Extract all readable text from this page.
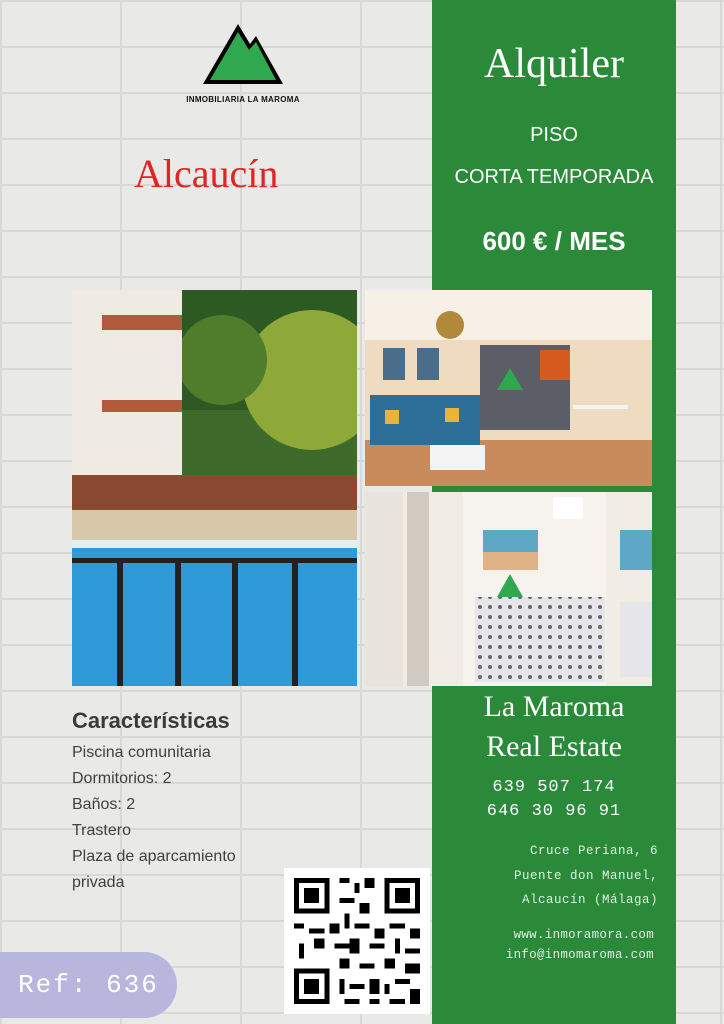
INMOBILIARIA LA MAROMA
Alcaucín
Alquiler
PISO
CORTA TEMPORADA
600 € / MES
Características
Piscina comunitaria
Dormitorios: 2
Baños: 2
Trastero
Plaza de aparcamiento
privada
La Maroma
Real Estate
639 507 174
646 30 96 91
Cruce Periana, 6
Puente don Manuel,
Alcaucín (Málaga)
www.inmoramora.com
info@inmomaroma.com
Ref: 636
